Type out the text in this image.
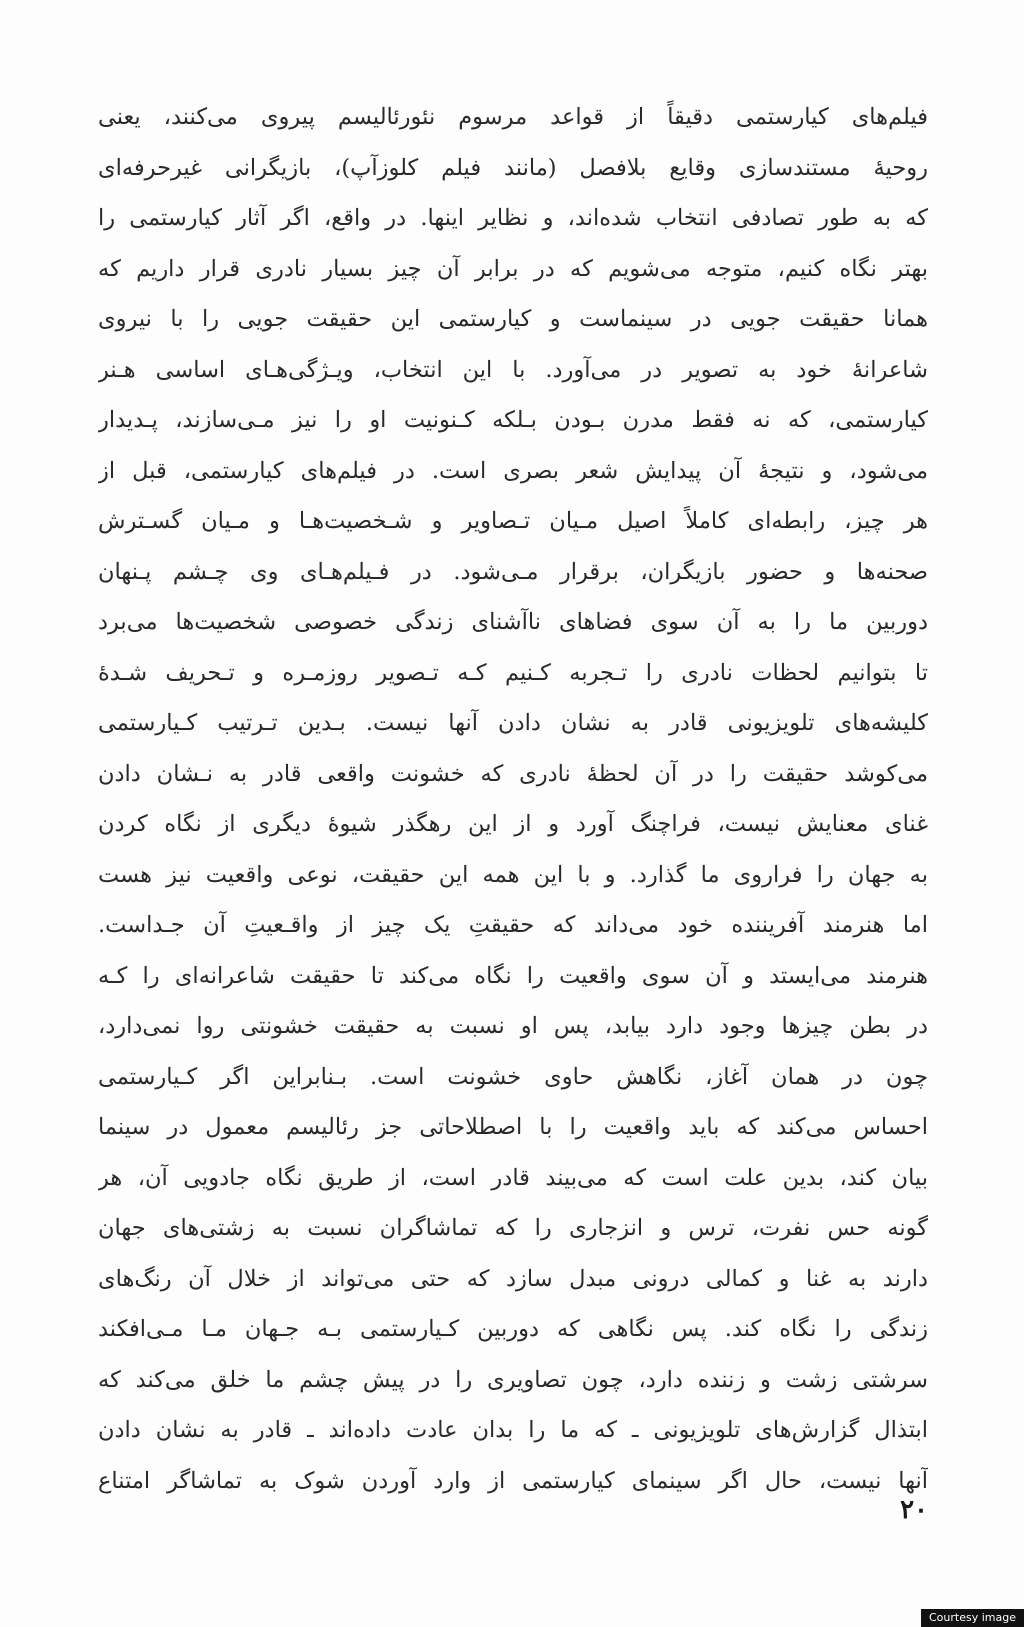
فیلم‌های کیارستمی دقیقاً از قواعد مرسوم نئورئالیسم پیروی می‌کنند، یعنی
روحیهٔ مستندسازی وقایع بلافصل (مانند فیلم کلوزآپ)، بازیگرانی غیرحرفه‌ای
که به طور تصادفی انتخاب شده‌اند، و نظایر اینها. در واقع، اگر آثار کیارستمی را
بهتر نگاه کنیم، متوجه می‌شویم که در برابر آن چیز بسیار نادری قرار داریم که
همانا حقیقت جویی در سینماست و کیارستمی این حقیقت جویی را با نیروی
شاعرانهٔ خود به تصویر در می‌آورد. با این انتخاب، ویـژگی‌هـای اساسی هـنر
کیارستمی، که نه فقط مدرن بـودن بـلکه کـنونیت او را نیز مـی‌سازند، پـدیدار
می‌شود، و نتیجهٔ آن پیدایش شعر بصری است. در فیلم‌های کیارستمی، قبل از
هر چیز، رابطه‌ای کاملاً اصیل مـیان تـصاویر و شـخصیت‌هـا و مـیان گسـترش
صحنه‌ها و حضور بازیگران، برقرار مـی‌شود. در فـیلم‌هـای وی چـشم پـنهان
دوربین ما را به آن سوی فضاهای ناآشنای زندگی خصوصی شخصیت‌ها می‌برد
تا بتوانیم لحظات نادری را تـجربه کـنیم کـه تـصویر روزمـره و تـحریف شـدهٔ
کلیشه‌های تلویزیونی قادر به نشان دادن آنها نیست. بـدین تـرتیب کـیارستمی
می‌کوشد حقیقت را در آن لحظهٔ نادری که خشونت واقعی قادر به نـشان دادن
غنای معنایش نیست، فراچنگ آورد و از این رهگذر شیوهٔ دیگری از نگاه کردن
به جهان را فراروی ما گذارد. و با این همه این حقیقت، نوعی واقعیت نیز هست
اما هنرمند آفریننده خود می‌داند که حقیقتِ یک چیز از واقـعیتِ آن جـداست.
هنرمند می‌ایستد و آن سوی واقعیت را نگاه می‌کند تا حقیقت شاعرانه‌ای را کـه
در بطن چیزها وجود دارد بیابد، پس او نسبت به حقیقت خشونتی روا نمی‌دارد،
چون در همان آغاز، نگاهش حاوی خشونت است. بـنابراین اگر کـیارستمی
احساس می‌کند که باید واقعیت را با اصطلاحاتی جز رئالیسم معمول در سینما
بیان کند، بدین علت است که می‌بیند قادر است، از طریق نگاه جادویی آن، هر
گونه حس نفرت، ترس و انزجاری را که تماشاگران نسبت به زشتی‌های جهان
دارند به غنا و کمالی درونی مبدل سازد که حتی می‌تواند از خلال آن رنگ‌های
زندگی را نگاه کند. پس نگاهی که دوربین کـیارستمی بـه جـهان مـا مـی‌افکند
سرشتی زشت و زننده دارد، چون تصاویری را در پیش چشم ما خلق می‌کند که
ابتذال گزارش‌های تلویزیونی ـ که ما را بدان عادت داده‌اند ـ قادر به نشان دادن
آنها نیست، حال اگر سینمای کیارستمی از وارد آوردن شوک به تماشاگر امتناع
۲۰
Courtesy image
